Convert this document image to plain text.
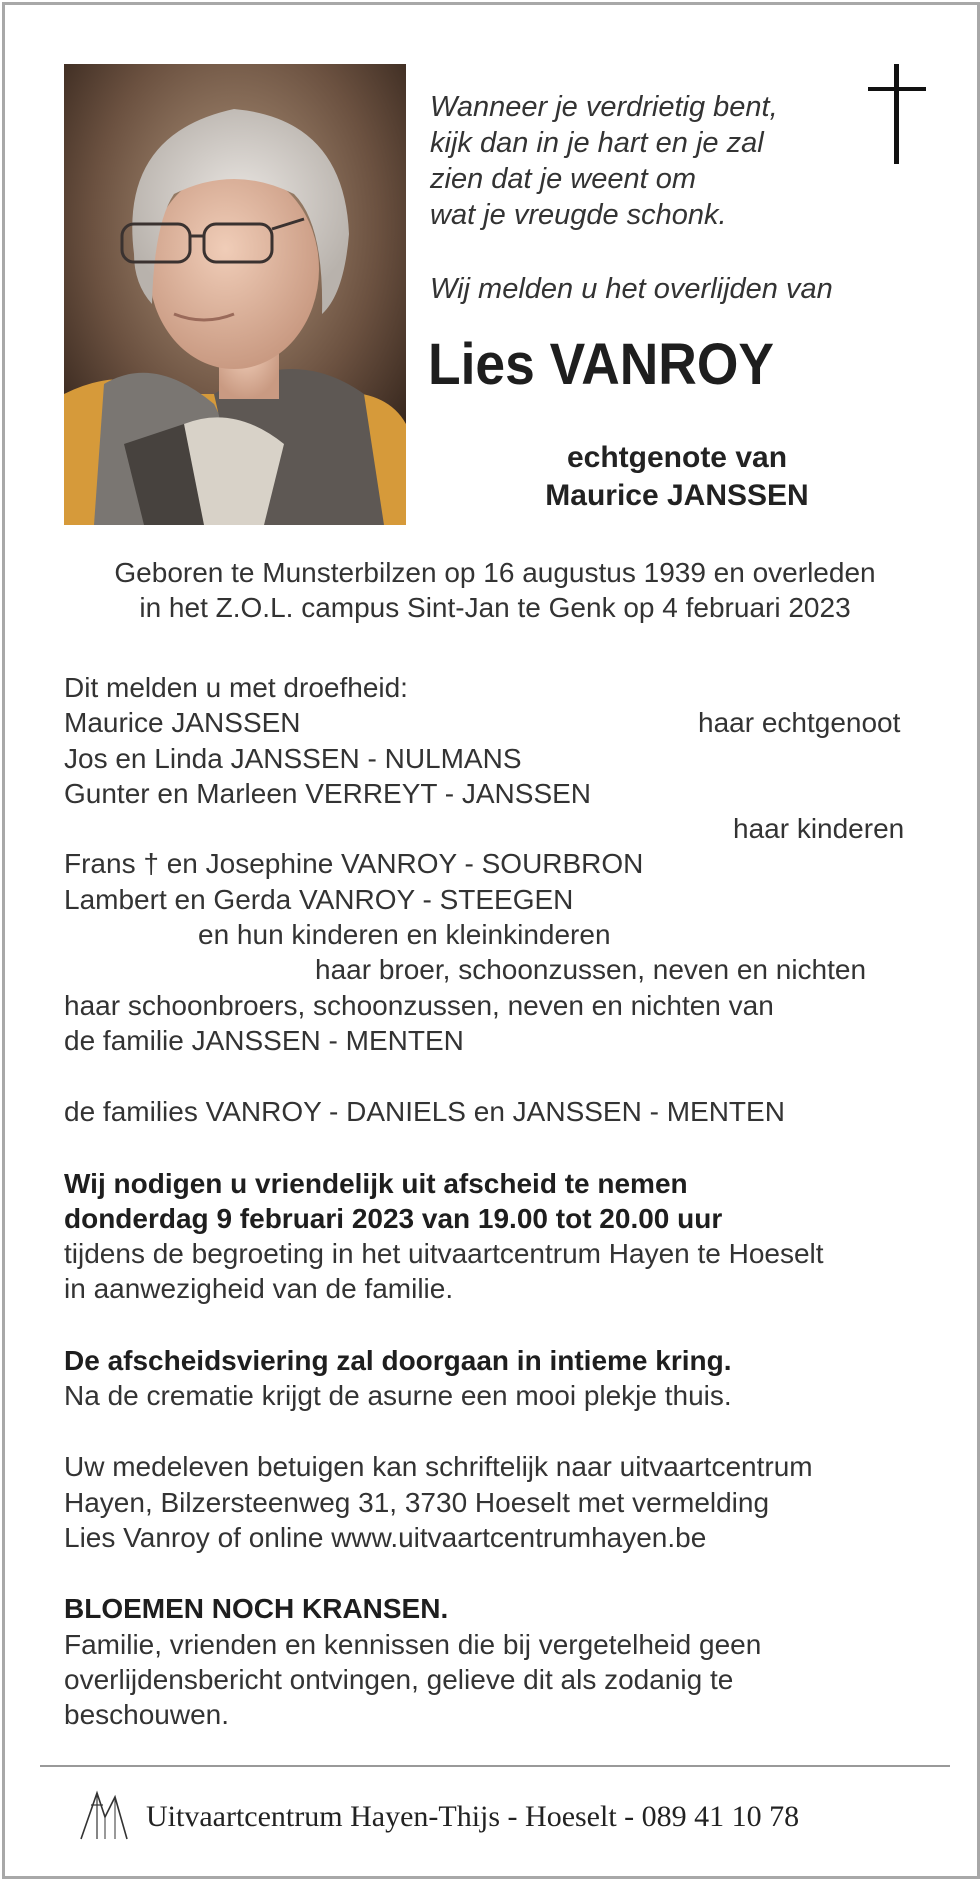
Wanneer je verdrietig bent,
kijk dan in je hart en je zal
zien dat je weent om
wat je vreugde schonk.
Wij melden u het overlijden van
Lies VANROY
echtgenote van
Maurice JANSSEN
Geboren te Munsterbilzen op 16 augustus 1939 en overleden
in het Z.O.L. campus Sint-Jan te Genk op 4 februari 2023
Dit melden u met droefheid:
Maurice JANSSEN	haar echtgenoot
Jos en Linda JANSSEN - NULMANS
Gunter en Marleen VERREYT - JANSSEN
haar kinderen
Frans † en Josephine VANROY - SOURBRON
Lambert en Gerda VANROY - STEEGEN
en hun kinderen en kleinkinderen
haar broer, schoonzussen, neven en nichten
haar schoonbroers, schoonzussen, neven en nichten van
de familie JANSSEN - MENTEN
de families VANROY - DANIELS en JANSSEN - MENTEN
Wij nodigen u vriendelijk uit afscheid te nemen
donderdag 9 februari 2023 van 19.00 tot 20.00 uur
tijdens de begroeting in het uitvaartcentrum Hayen te Hoeselt
in aanwezigheid van de familie.
De afscheidsviering zal doorgaan in intieme kring.
Na de crematie krijgt de asurne een mooi plekje thuis.
Uw medeleven betuigen kan schriftelijk naar uitvaartcentrum
Hayen, Bilzersteenweg 31, 3730 Hoeselt met vermelding
Lies Vanroy of online www.uitvaartcentrumhayen.be
BLOEMEN NOCH KRANSEN.
Familie, vrienden en kennissen die bij vergetelheid geen
overlijdensbericht ontvingen, gelieve dit als zodanig te
beschouwen.
Uitvaartcentrum Hayen-Thijs - Hoeselt - 089 41 10 78
